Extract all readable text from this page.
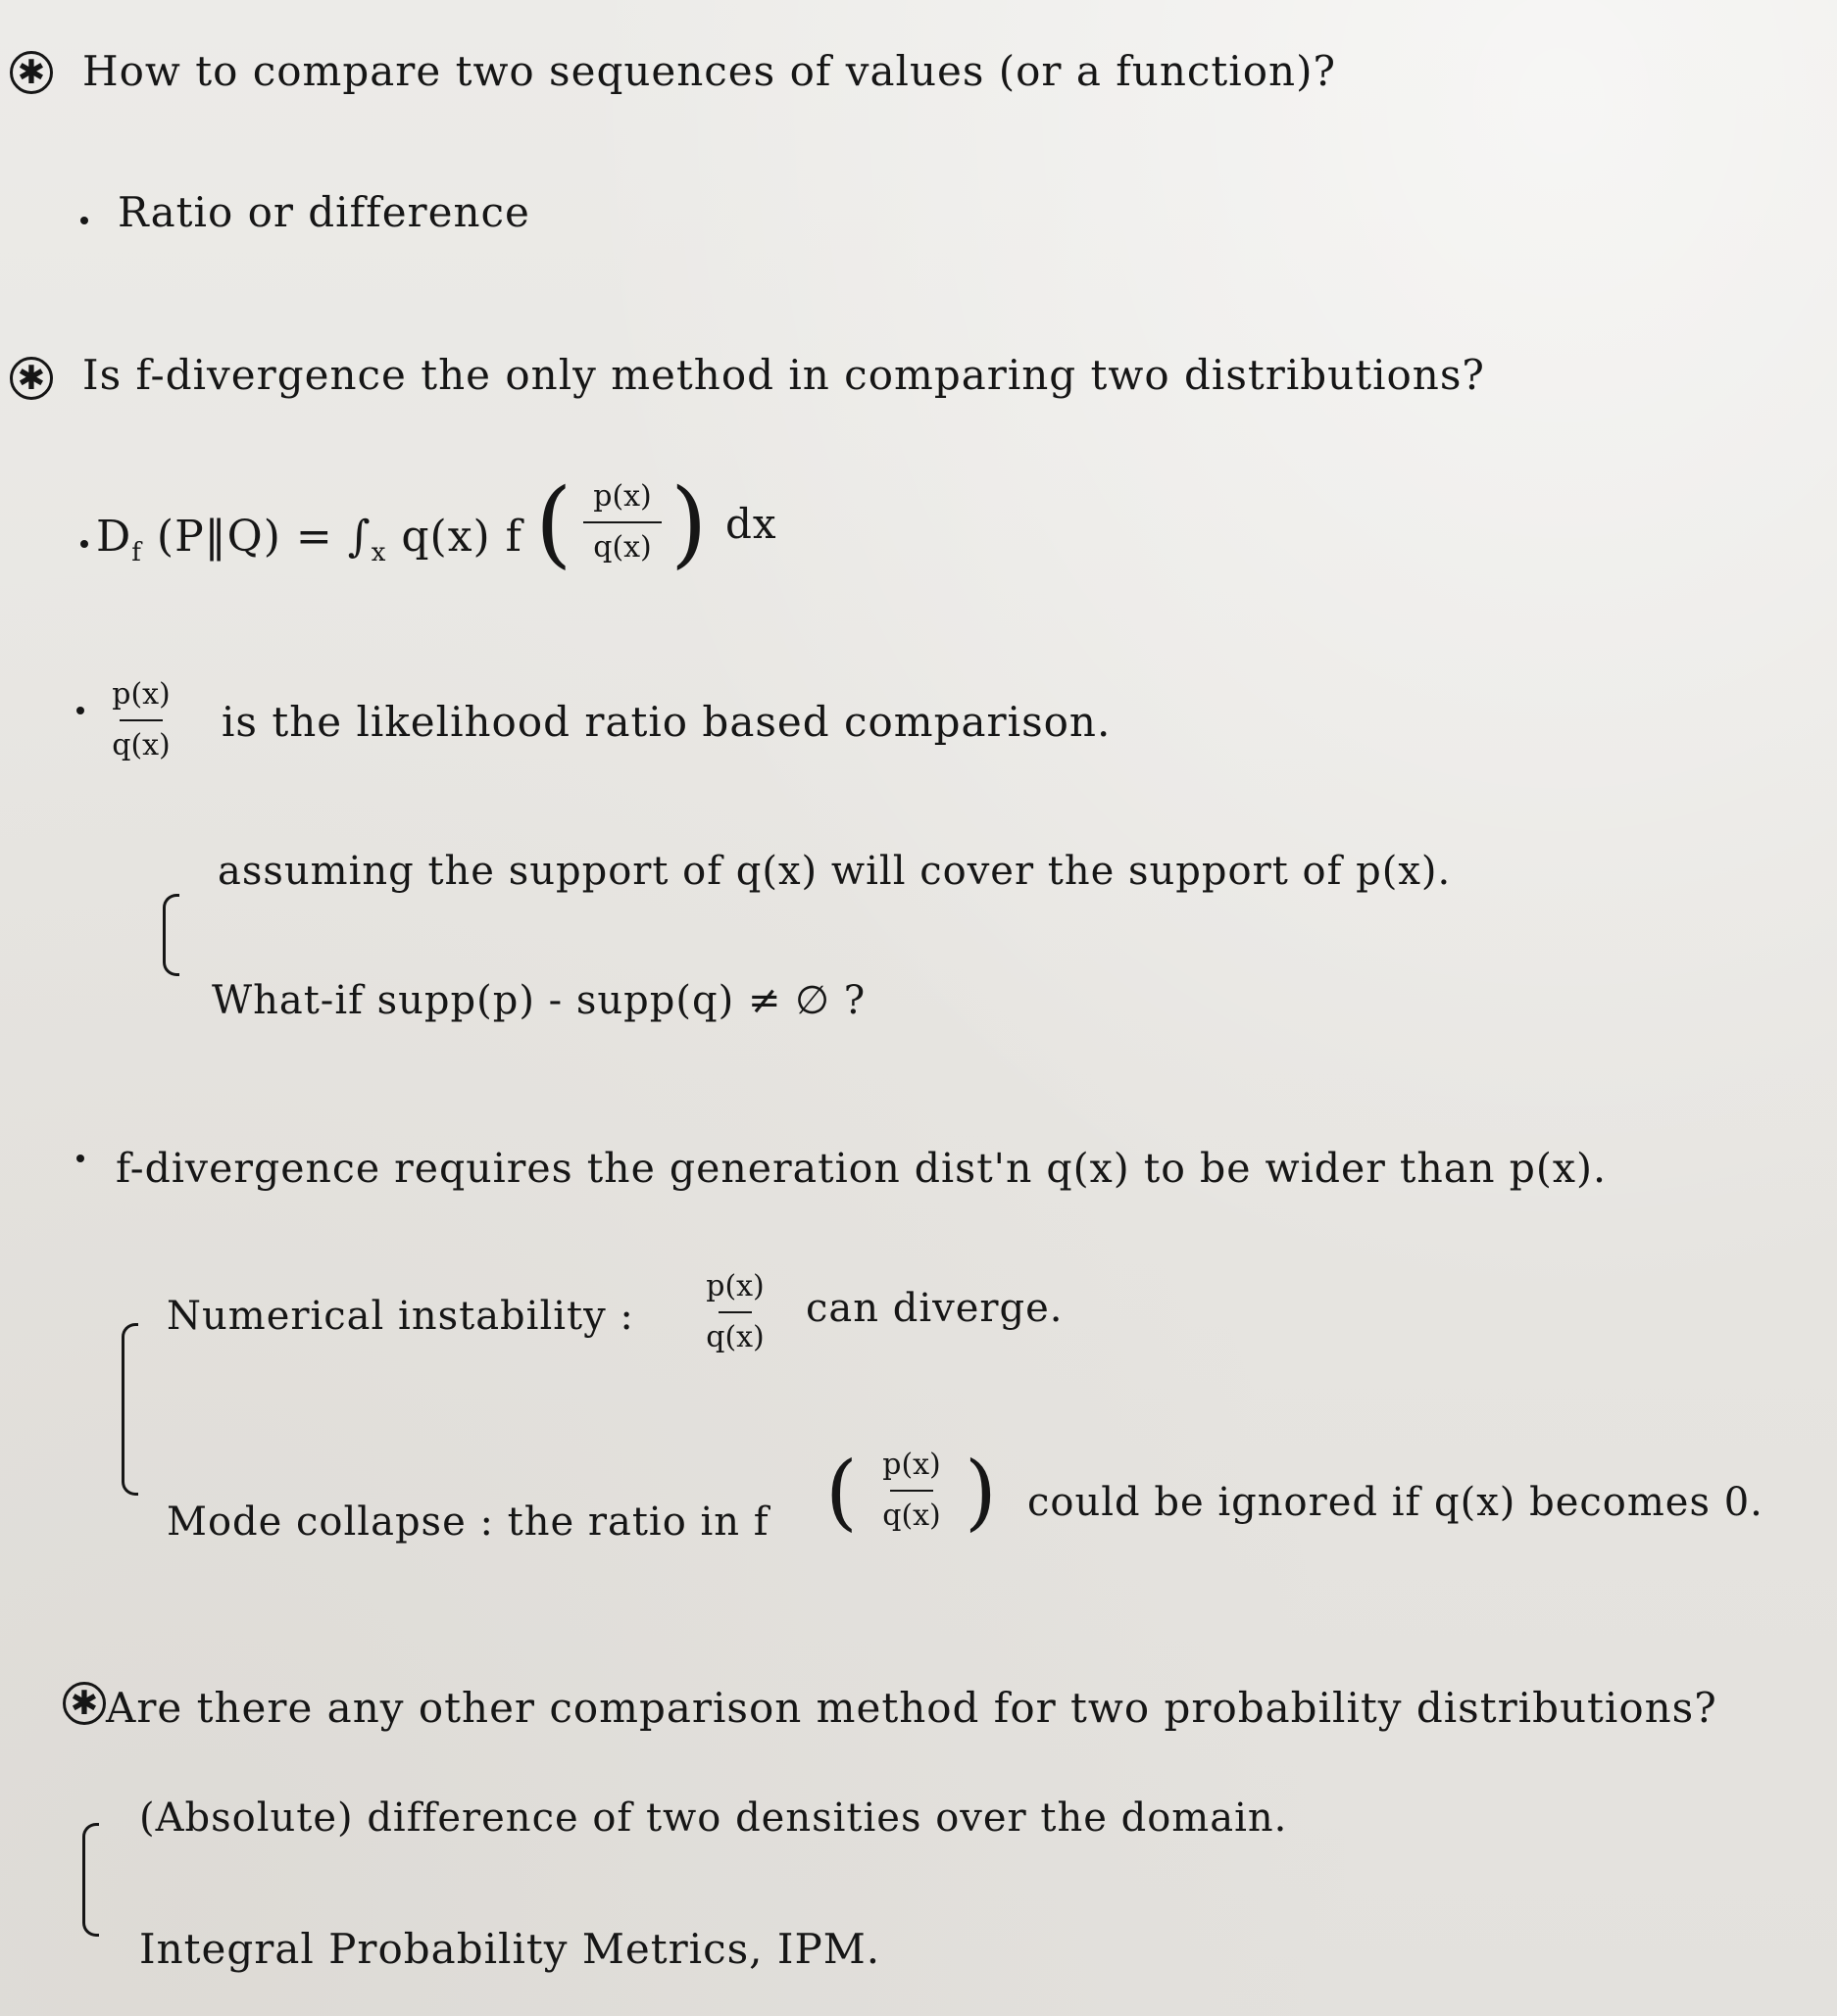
✱ How to compare two sequences of values (or a function)?
Ratio or difference
✱ Is f-divergence the only method in comparing two distributions?
$D_f$ (P‖Q) = $\int_x$ q(x) f ( p(x)
q(x) ) dx
p(x)
q(x) is the likelihood ratio based comparison.
assuming the support of q(x) will cover the support of p(x).
What-if supp(p) - supp(q) ≠ ∅ ?
f-divergence requires the generation dist'n q(x) to be wider than p(x).
Numerical instability :
p(x)
q(x)
can diverge.
Mode collapse : the ratio in f ( p(x)
q(x) ) could be ignored if q(x) becomes 0.
✱ Are there any other comparison method for two probability distributions?
(Absolute) difference of two densities over the domain.
Integral Probability Metrics, IPM.
